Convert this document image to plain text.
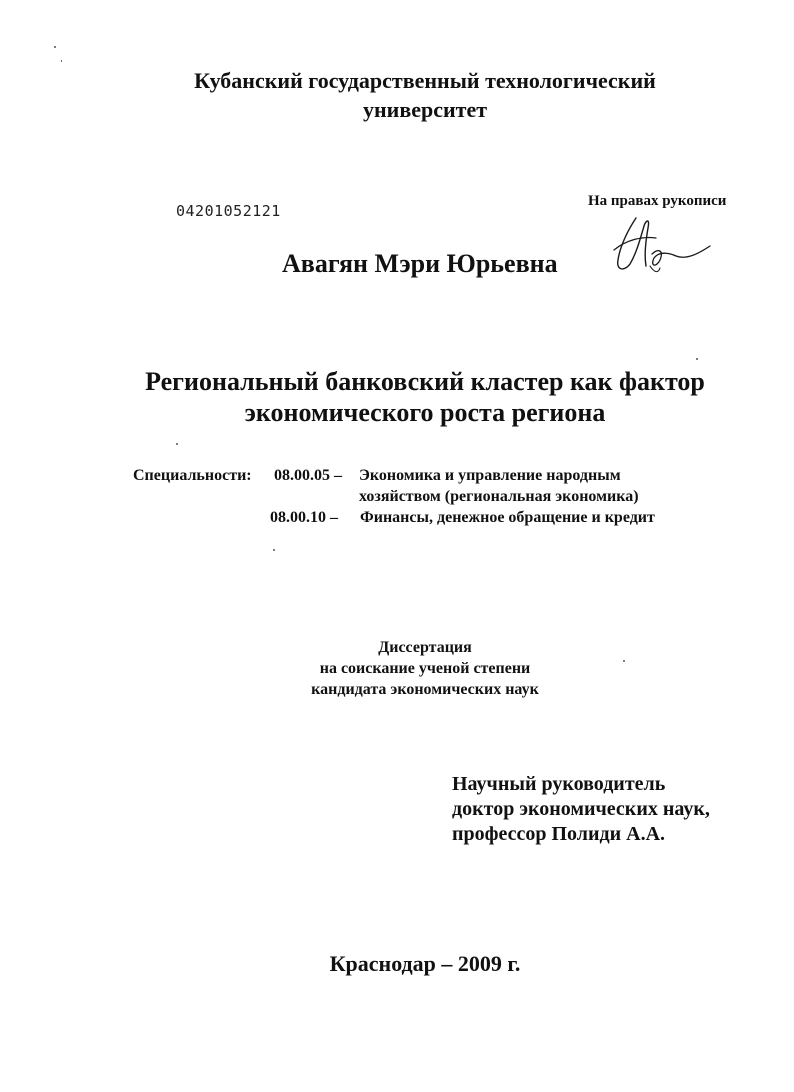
Кубанский государственный технологический
университет
04201052121
На правах рукописи
Авагян Мэри Юрьевна
Региональный банковский кластер как фактор
экономического роста региона
Специальности: 08.00.05 – Экономика и управление народным
хозяйством (региональная экономика)
08.00.10 – Финансы, денежное обращение и кредит
Диссертация
на соискание ученой степени
кандидата экономических наук
Научный руководитель
доктор экономических наук,
профессор Полиди А.А.
Краснодар – 2009 г.
